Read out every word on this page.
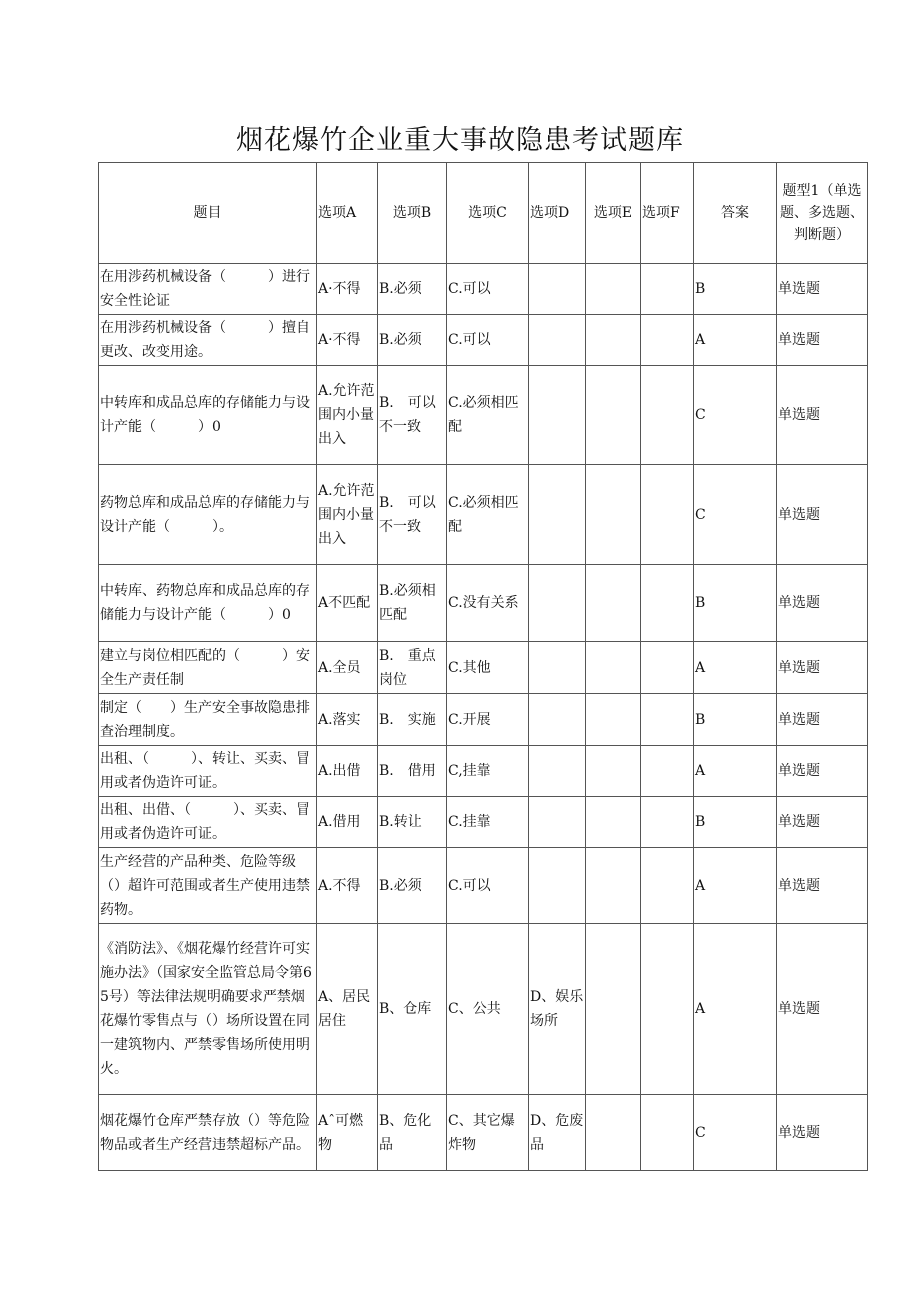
烟花爆竹企业重大事故隐患考试题库
题目	选项A	选项B	选项C	选项D	选项E	选项F	答案	题型1（单选题、多选题、判断题）
在用涉药机械设备（　　　）进行安全性论证	A·不得	B.必须	C.可以				B	单选题
在用涉药机械设备（　　　）擅自更改、改变用途。	A·不得	B.必须	C.可以				A	单选题
中转库和成品总库的存储能力与设计产能（　　　）0	A.允许范围内小量出入	B.　可以不一致	C.必须相匹配				C	单选题
药物总库和成品总库的存储能力与设计产能（　　　）。	A.允许范围内小量出入	B.　可以不一致	C.必须相匹配				C	单选题
中转库、药物总库和成品总库的存储能力与设计产能（　　　）0	A不匹配	B.必须相匹配	C.没有关系				B	单选题
建立与岗位相匹配的（　　　）安全生产责任制	A.全员	B.　重点岗位	C.其他				A	单选题
制定（　　）生产安全事故隐患排查治理制度。	A.落实	B.　实施	C.开展				B	单选题
出租、（　　　）、转让、买卖、冒用或者伪造许可证。	A.出借	B.　借用	C,挂靠				A	单选题
出租、出借、（　　　）、买卖、冒用或者伪造许可证。	A.借用	B.转让	C.挂靠				B	单选题
生产经营的产品种类、危险等级（）超许可范围或者生产使用违禁药物。	A.不得	B.必须	C.可以				A	单选题
《消防法》、《烟花爆竹经营许可实施办法》（国家安全监管总局令第65号）等法律法规明确要求严禁烟花爆竹零售点与（）场所设置在同一建筑物内、严禁零售场所使用明火。	A、居民居住	B、仓库	C、公共	D、娱乐场所			A	单选题
烟花爆竹仓库严禁存放（）等危险物品或者生产经营违禁超标产品。	Aˆ可燃物	B、危化品	C、其它爆炸物	D、危废品			C	单选题
